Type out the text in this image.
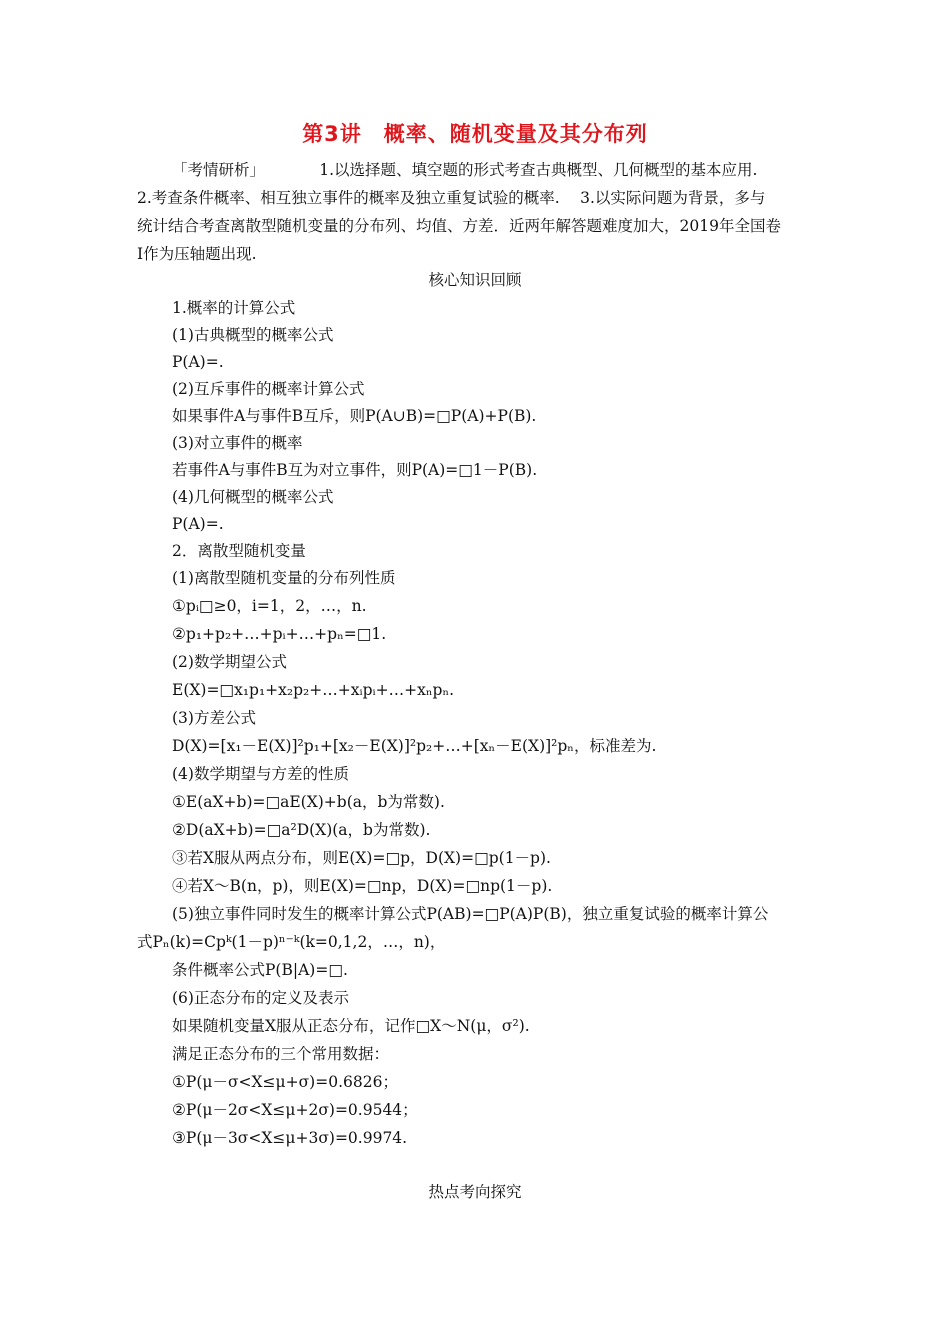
第3讲　概率、随机变量及其分布列
「考情研析」　　　　1.以选择题、填空题的形式考查古典概型、几何概型的基本应用.
2.考查条件概率、相互独立事件的概率及独立重复试验的概率.　 3.以实际问题为背景，多与
统计结合考查离散型随机变量的分布列、均值、方差．近两年解答题难度加大，2019年全国卷
Ⅰ作为压轴题出现.
核心知识回顾
1.概率的计算公式
(1)古典概型的概率公式
P(A)=.
(2)互斥事件的概率计算公式
如果事件A与事件B互斥，则P(A∪B)=□P(A)+P(B).
(3)对立事件的概率
若事件A与事件B互为对立事件，则P(A)=□1－P(B).
(4)几何概型的概率公式
P(A)=.
2．离散型随机变量
(1)离散型随机变量的分布列性质
①pᵢ□≥0，i=1，2，…，n.
②p₁+p₂+…+pᵢ+…+pₙ=□1.
(2)数学期望公式
E(X)=□x₁p₁+x₂p₂+…+xᵢpᵢ+…+xₙpₙ.
(3)方差公式
D(X)=[x₁－E(X)]²p₁+[x₂－E(X)]²p₂+…+[xₙ－E(X)]²pₙ，标准差为.
(4)数学期望与方差的性质
①E(aX+b)=□aE(X)+b(a，b为常数).
②D(aX+b)=□a²D(X)(a，b为常数).
③若X服从两点分布，则E(X)=□p，D(X)=□p(1－p).
④若X～B(n，p)，则E(X)=□np，D(X)=□np(1－p).
(5)独立事件同时发生的概率计算公式P(AB)=□P(A)P(B)，独立重复试验的概率计算公
式Pₙ(k)=Cpᵏ(1－p)ⁿ⁻ᵏ(k=0,1,2，…，n)，
条件概率公式P(B|A)=□.
(6)正态分布的定义及表示
如果随机变量X服从正态分布，记作□X～N(μ，σ²).
满足正态分布的三个常用数据：
①P(μ－σ<X≤μ+σ)=0.6826；
②P(μ－2σ<X≤μ+2σ)=0.9544；
③P(μ－3σ<X≤μ+3σ)=0.9974.
热点考向探究
